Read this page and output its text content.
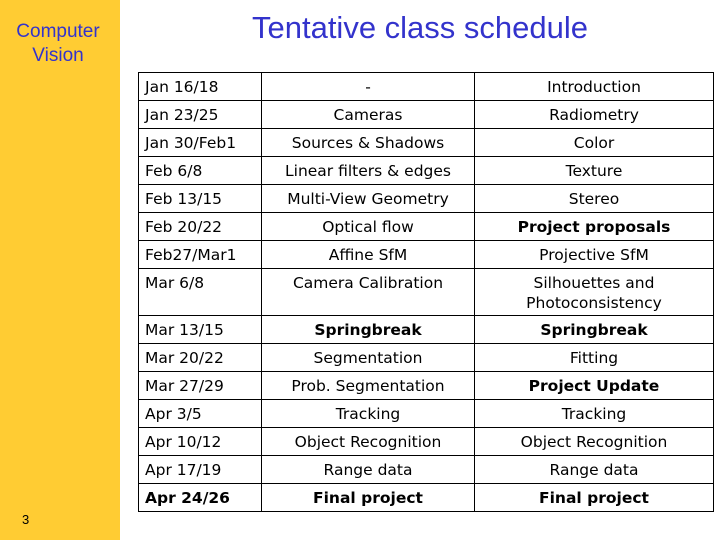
Computer
Vision
3
Tentative class schedule
Jan 16/18	-	Introduction
Jan 23/25	Cameras	Radiometry
Jan 30/Feb1	Sources & Shadows	Color
Feb 6/8	Linear filters & edges	Texture
Feb 13/15	Multi-View Geometry	Stereo
Feb 20/22	Optical flow	Project proposals
Feb27/Mar1	Affine SfM	Projective SfM
Mar 6/8	Camera Calibration	Silhouettes and Photoconsistency
Mar 13/15	Springbreak	Springbreak
Mar 20/22	Segmentation	Fitting
Mar 27/29	Prob. Segmentation	Project Update
Apr 3/5	Tracking	Tracking
Apr 10/12	Object Recognition	Object Recognition
Apr 17/19	Range data	Range data
Apr 24/26	Final project	Final project
